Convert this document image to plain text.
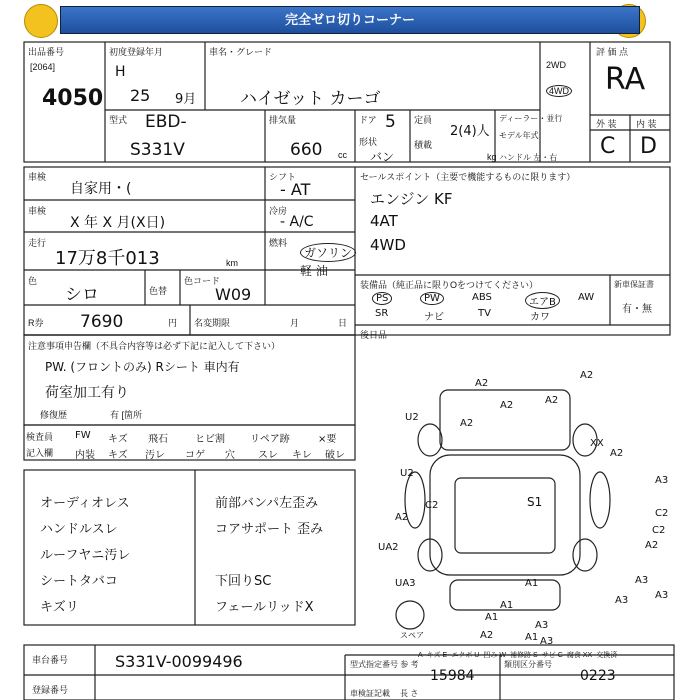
完全ゼロ切りコーナー
出品番号
[2064]
4050
初度登録年月
H
25 9月
車名・グレード
ハイゼット カーゴ
2WD
4WD
評 価 点
RA
外 装 内 装
C D
型式 EBD-
S331V
排気量
660 cc
ドア 5
形状
バン
定員
2(4)人
積載
kg
ディーラー・並行
モデル年式
ハンドル 左・右
車検
自家用・(
シフト
- AT
車検
X 年 X 月(X日)
冷房
- A/C
走行
17万8千013	km
燃料
ガソリン
軽 油
色
シロ	色替
色コード
W09
R券 7690	円 名変期限	月	日
セールスポイント（主要で機能するものに限ります）
エンジン KF
4AT
4WD
装備品（純正品に限りOをつけてください）
PS	PW	ABS	エアB	AW
SR	ナビ	TV	カワ
新車保証書
有・無
後日品
注意事項申告欄（不具合内容等は必ず下記に記入して下さい）
PW. (フロントのみ) Rシート 車内有
荷室加工有り
修復歴	有 [箇所
検査員
記入欄
FW キズ 飛石	ヒビ割	リペア跡	×要
内装 キズ 汚レ コゲ 穴 スレ キレ 破レ
オーディオレス
ハンドルスレ
ルーフヤニ汚レ
シートタバコ
キズリ
前部バンパ左歪み
コアサポート 歪み
下回りSC
フェールリッドX
A2
A2
A2
A2
U2
A2
XX
A2
U2
A3
C2
A2	C2
S1
UA2	A2
UA3	A3
A1
A1
A3
C2
A3
A1
A1
A3
A2
A3
スペア
A−キズ E−エクボ U−凹み W−補修跡 S−サビ C−腐食 XX−交換済
車台番号	S331V-0099496
登録番号
型式指定番号 参 考
15984
類別区分番号
0223
車検証記載 長 さ
